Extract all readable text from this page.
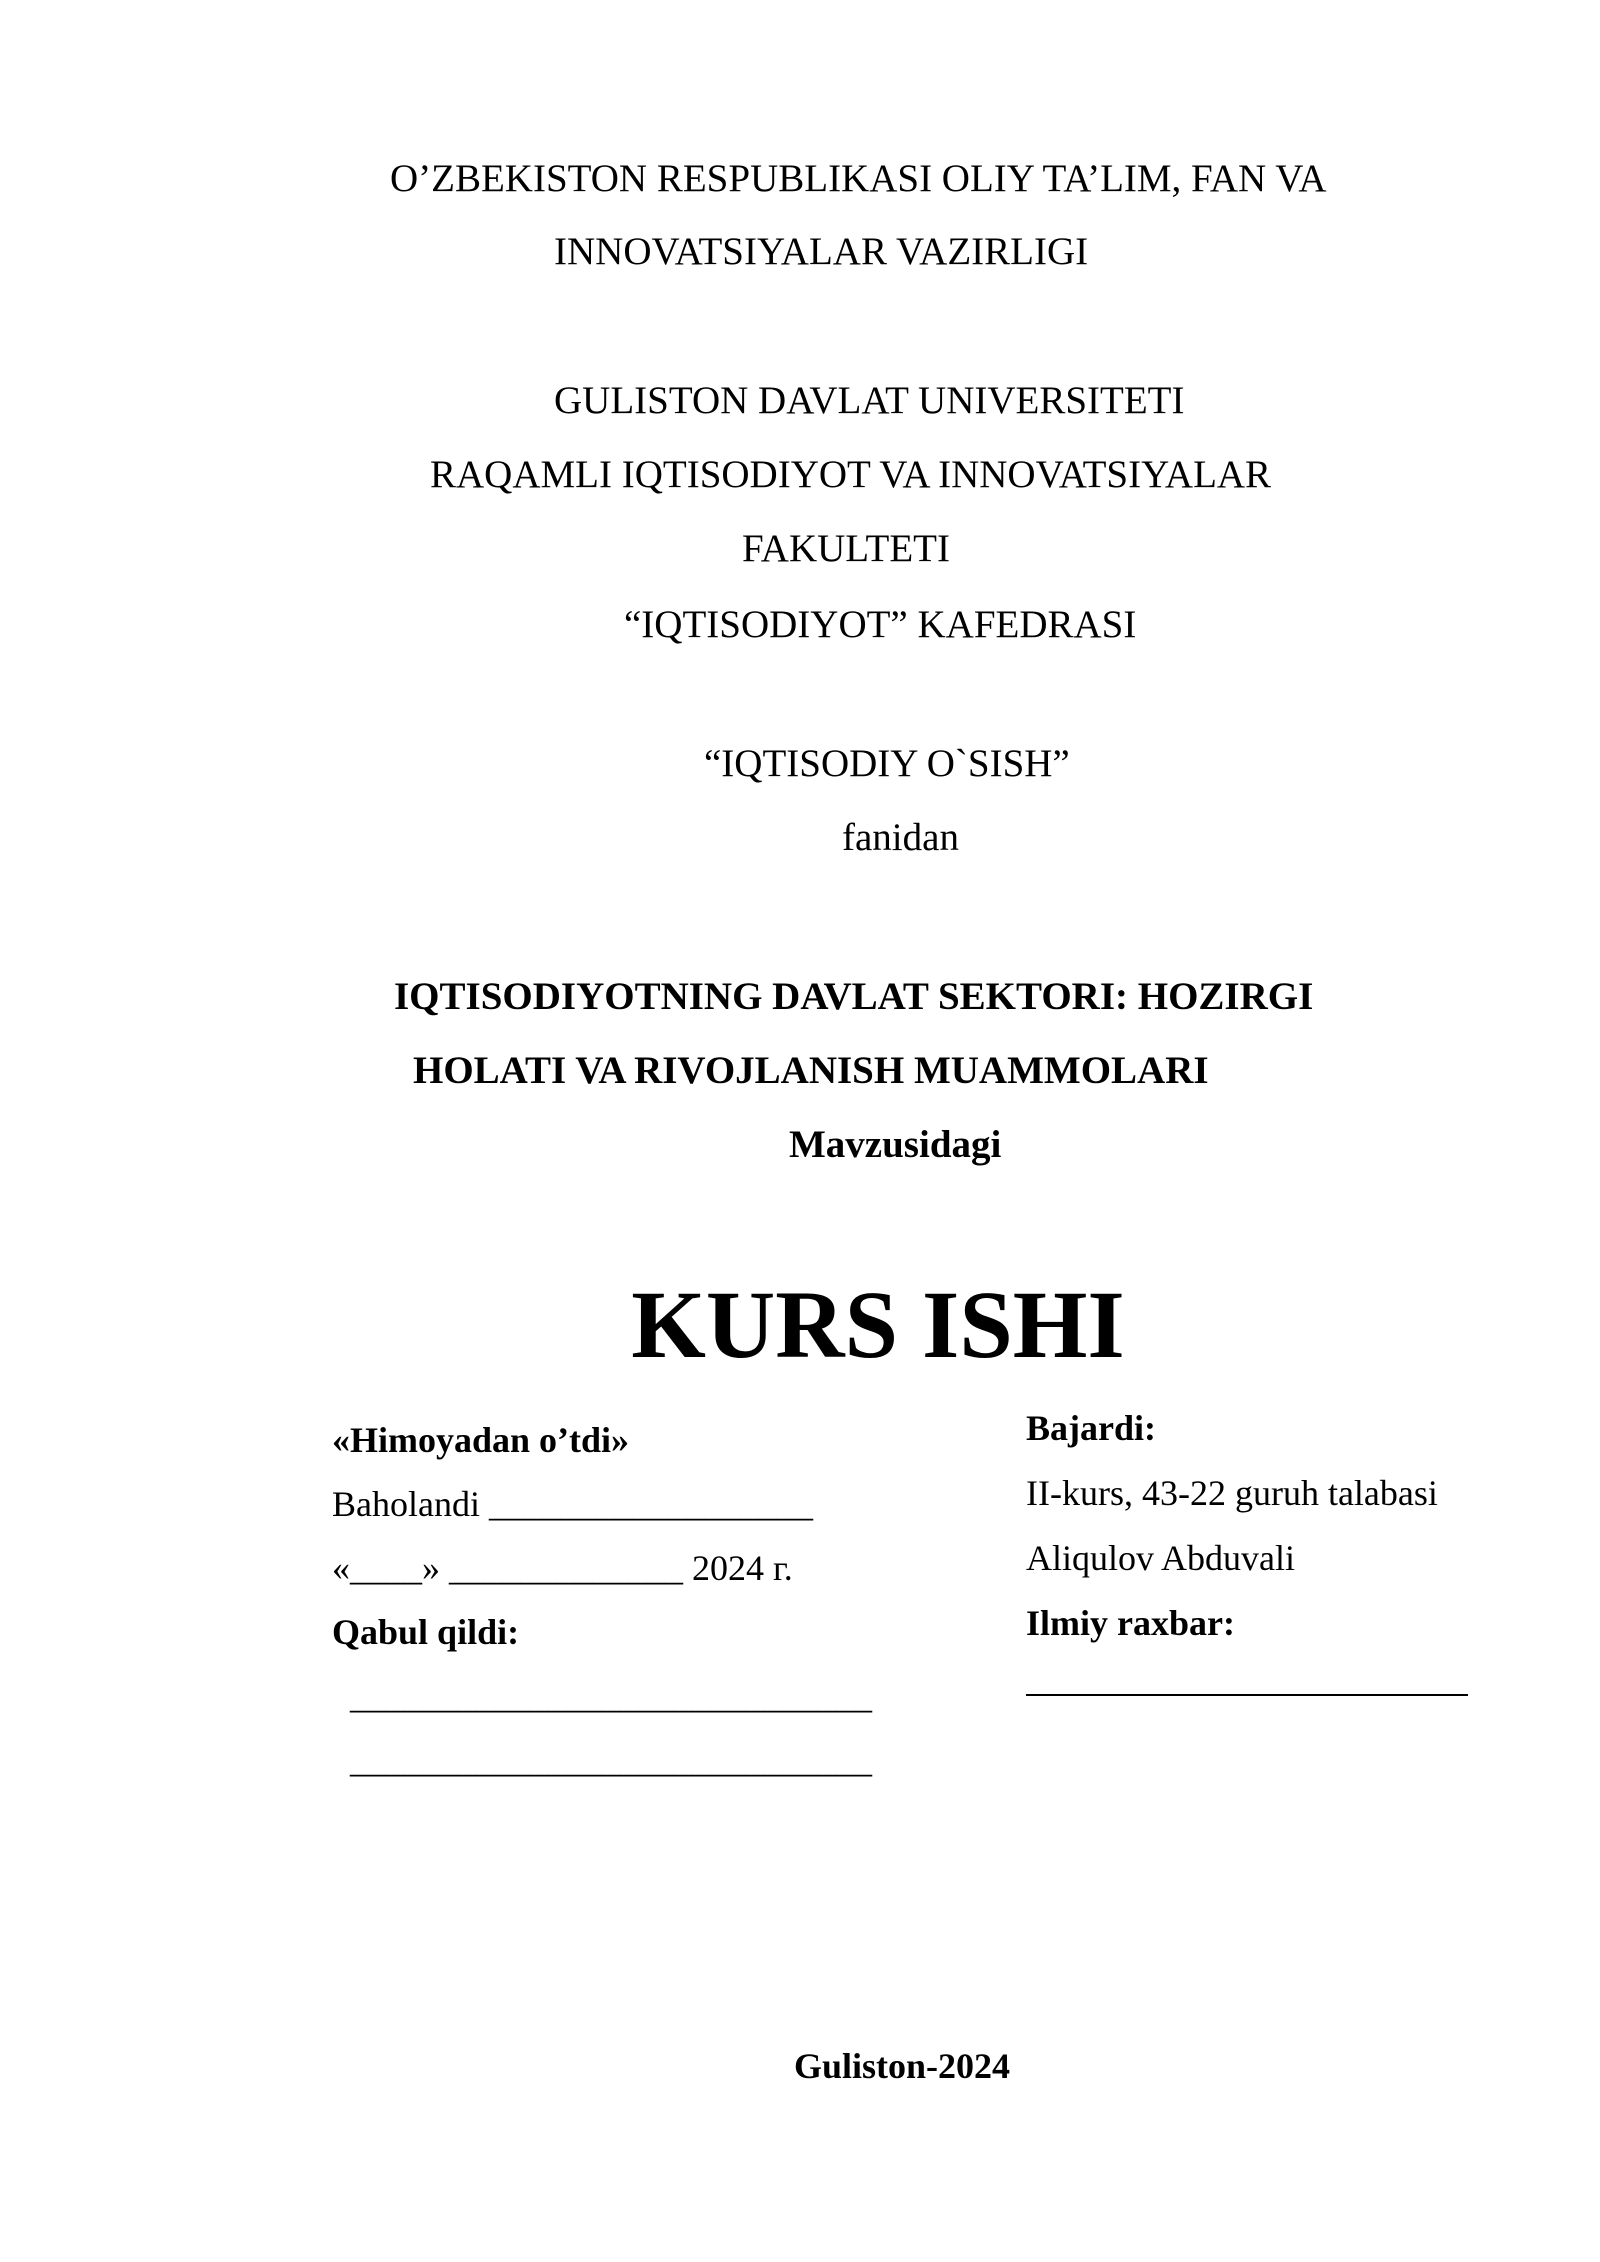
O’ZBEKISTON RESPUBLIKASI OLIY TA’LIM, FAN VA
INNOVATSIYALAR VAZIRLIGI
GULISTON DAVLAT UNIVERSITETI
RAQAMLI IQTISODIYOT VA INNOVATSIYALAR
FAKULTETI
“IQTISODIYOT” KAFEDRASI
“IQTISODIY O`SISH”
fanidan
IQTISODIYOTNING DAVLAT SEKTORI: HOZIRGI
HOLATI VA RIVOJLANISH MUAMMOLARI
Mavzusidagi
KURS ISHI
«Himoyadan o’tdi»
Baholandi __________________
«____» _____________ 2024 г.
Qabul qildi:
_____________________________
_____________________________
Bajardi:
II-kurs, 43-22 guruh talabasi
Aliqulov Abduvali
Ilmiy raxbar:
Guliston-2024
